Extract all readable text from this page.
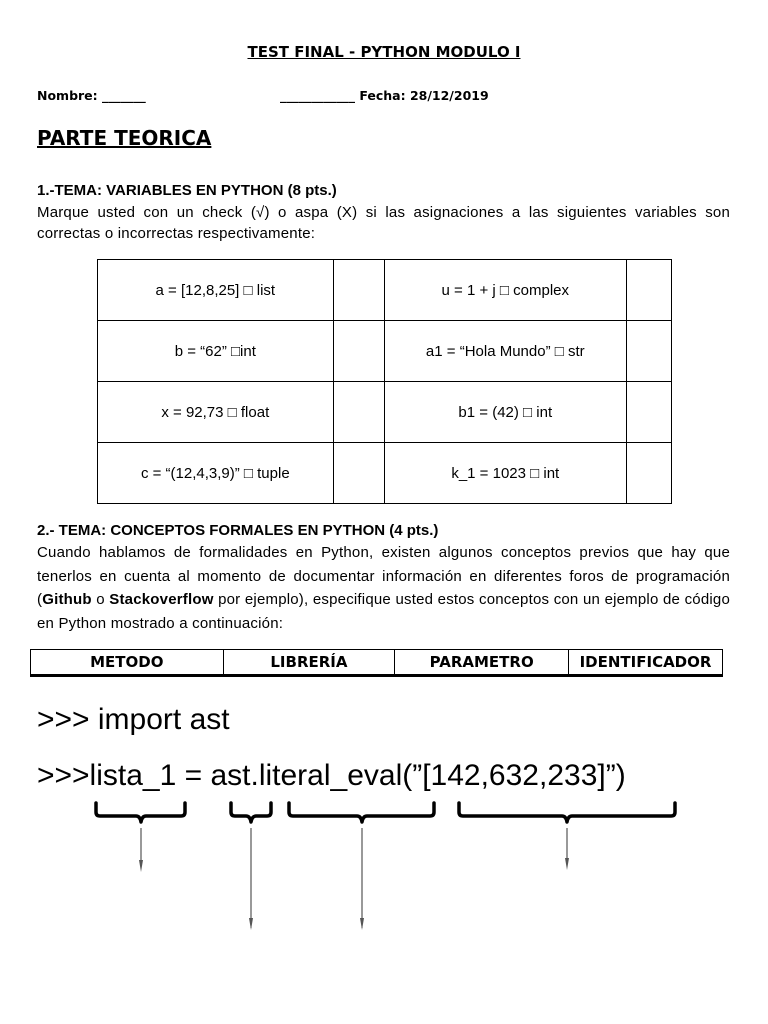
TEST FINAL - PYTHON MODULO I
Nombre: _______	____________ Fecha: 28/12/2019
PARTE TEORICA
1.-TEMA: VARIABLES EN PYTHON (8 pts.)
Marque usted con un check (√) o aspa (X) si las asignaciones a las siguientes variables son correctas o incorrectas respectivamente:
a = [12,8,25] □ list		u = 1 + j □ complex	
b = “62” □int		a1 = “Hola Mundo” □ str	
x = 92,73 □ float		b1 = (42) □ int	
c = “(12,4,3,9)” □ tuple		k_1 = 1023 □ int	
2.- TEMA: CONCEPTOS FORMALES EN PYTHON (4 pts.)
Cuando hablamos de formalidades en Python, existen algunos conceptos previos que hay que tenerlos en cuenta al momento de documentar información en diferentes foros de programación (Github o Stackoverflow por ejemplo), especifique usted estos conceptos con un ejemplo de código en Python mostrado a continuación:
METODO	LIBRERÍA	PARAMETRO	IDENTIFICADOR
>>> import ast
>>>lista_1 = ast.literal_eval(”[142,632,233]”)
